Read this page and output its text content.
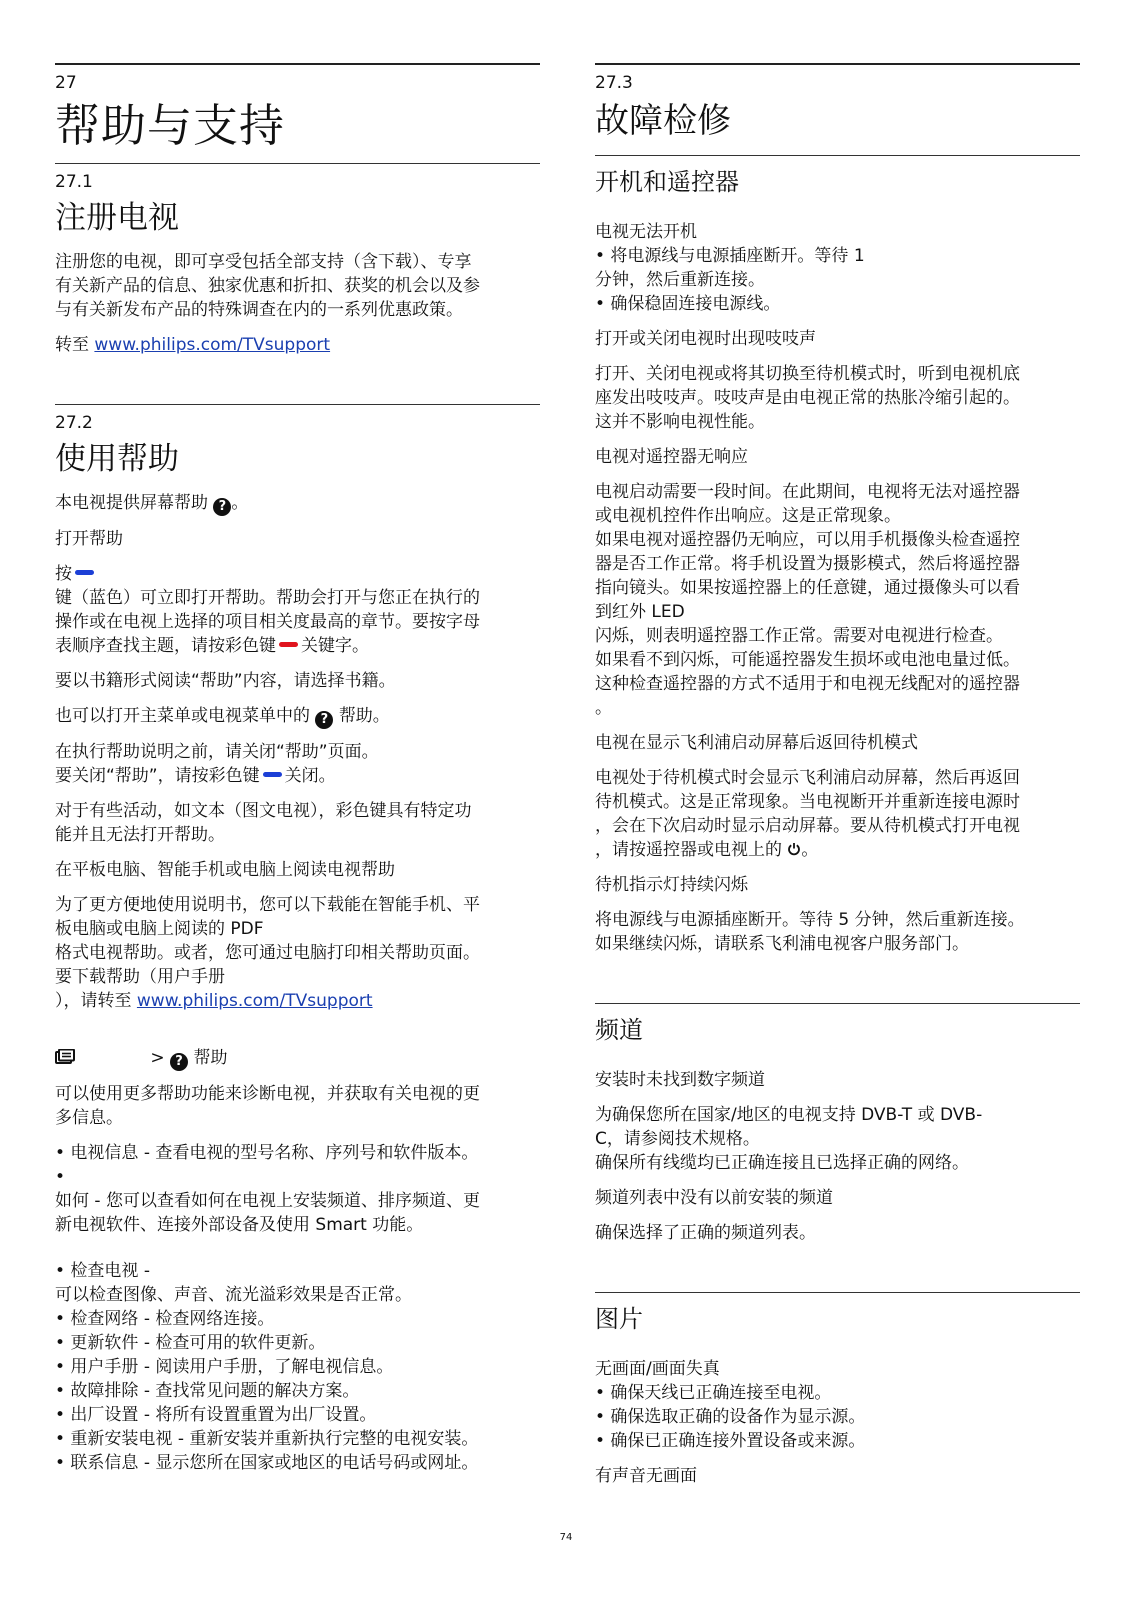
27
帮助与支持
27.1
注册电视

注册您的电视，即可享受包括全部支持（含下载）、专享
有关新产品的信息、独家优惠和折扣、获奖的机会以及参
与有关新发布产品的特殊调查在内的一系列优惠政策。

转至 www.philips.com/TVsupport

27.2
使用帮助

本电视提供屏幕帮助 ? 。

打开帮助

按
键（蓝色）可立即打开帮助。帮助会打开与您正在执行的
操作或在电视上选择的项目相关度最高的章节。要按字母
表顺序查找主题，请按彩色键 关键字。

要以书籍形式阅读“帮助”内容，请选择书籍。

也可以打开主菜单或电视菜单中的 ? 帮助。

在执行帮助说明之前，请关闭“帮助”页面。
要关闭“帮助”，请按彩色键 关闭。

对于有些活动，如文本（图文电视），彩色键具有特定功
能并且无法打开帮助。

在平板电脑、智能手机或电脑上阅读电视帮助

为了更方便地使用说明书，您可以下载能在智能手机、平
板电脑或电脑上阅读的 PDF
格式电视帮助。或者，您可通过电脑打印相关帮助页面。
要下载帮助（用户手册
），请转至 www.philips.com/TVsupport

> ? 帮助

可以使用更多帮助功能来诊断电视，并获取有关电视的更
多信息。

• 电视信息 - 查看电视的型号名称、序列号和软件版本。
•
如何 - 您可以查看如何在电视上安装频道、排序频道、更
新电视软件、连接外部设备及使用 Smart 功能。

• 检查电视 -
可以检查图像、声音、流光溢彩效果是否正常。
• 检查网络 - 检查网络连接。
• 更新软件 - 检查可用的软件更新。
• 用户手册 - 阅读用户手册，了解电视信息。
• 故障排除 - 查找常见问题的解决方案。
• 出厂设置 - 将所有设置重置为出厂设置。
• 重新安装电视 - 重新安装并重新执行完整的电视安装。
• 联系信息 - 显示您所在国家或地区的电话号码或网址。
27.3
故障检修
开机和遥控器
电视无法开机

• 将电源线与电源插座断开。等待 1
分钟，然后重新连接。
• 确保稳固连接电源线。

打开或关闭电视时出现吱吱声

打开、关闭电视或将其切换至待机模式时，听到电视机底
座发出吱吱声。吱吱声是由电视正常的热胀冷缩引起的。
这并不影响电视性能。

电视对遥控器无响应

电视启动需要一段时间。在此期间，电视将无法对遥控器
或电视机控件作出响应。这是正常现象。
如果电视对遥控器仍无响应，可以用手机摄像头检查遥控
器是否工作正常。将手机设置为摄影模式，然后将遥控器
指向镜头。如果按遥控器上的任意键，通过摄像头可以看
到红外 LED
闪烁，则表明遥控器工作正常。需要对电视进行检查。
如果看不到闪烁，可能遥控器发生损坏或电池电量过低。
这种检查遥控器的方式不适用于和电视无线配对的遥控器
。

电视在显示飞利浦启动屏幕后返回待机模式

电视处于待机模式时会显示飞利浦启动屏幕，然后再返回
待机模式。这是正常现象。当电视断开并重新连接电源时
，会在下次启动时显示启动屏幕。要从待机模式打开电视
，请按遥控器或电视上的 。

待机指示灯持续闪烁

将电源线与电源插座断开。等待 5 分钟，然后重新连接。
如果继续闪烁，请联系飞利浦电视客户服务部门。

频道

安装时未找到数字频道

为确保您所在国家/地区的电视支持 DVB-T 或 DVB-
C，请参阅技术规格。
确保所有线缆均已正确连接且已选择正确的网络。

频道列表中没有以前安装的频道

确保选择了正确的频道列表。

图片
无画面/画面失真

• 确保天线已正确连接至电视。
• 确保选取正确的设备作为显示源。
• 确保已正确连接外置设备或来源。

有声音无画面

74
